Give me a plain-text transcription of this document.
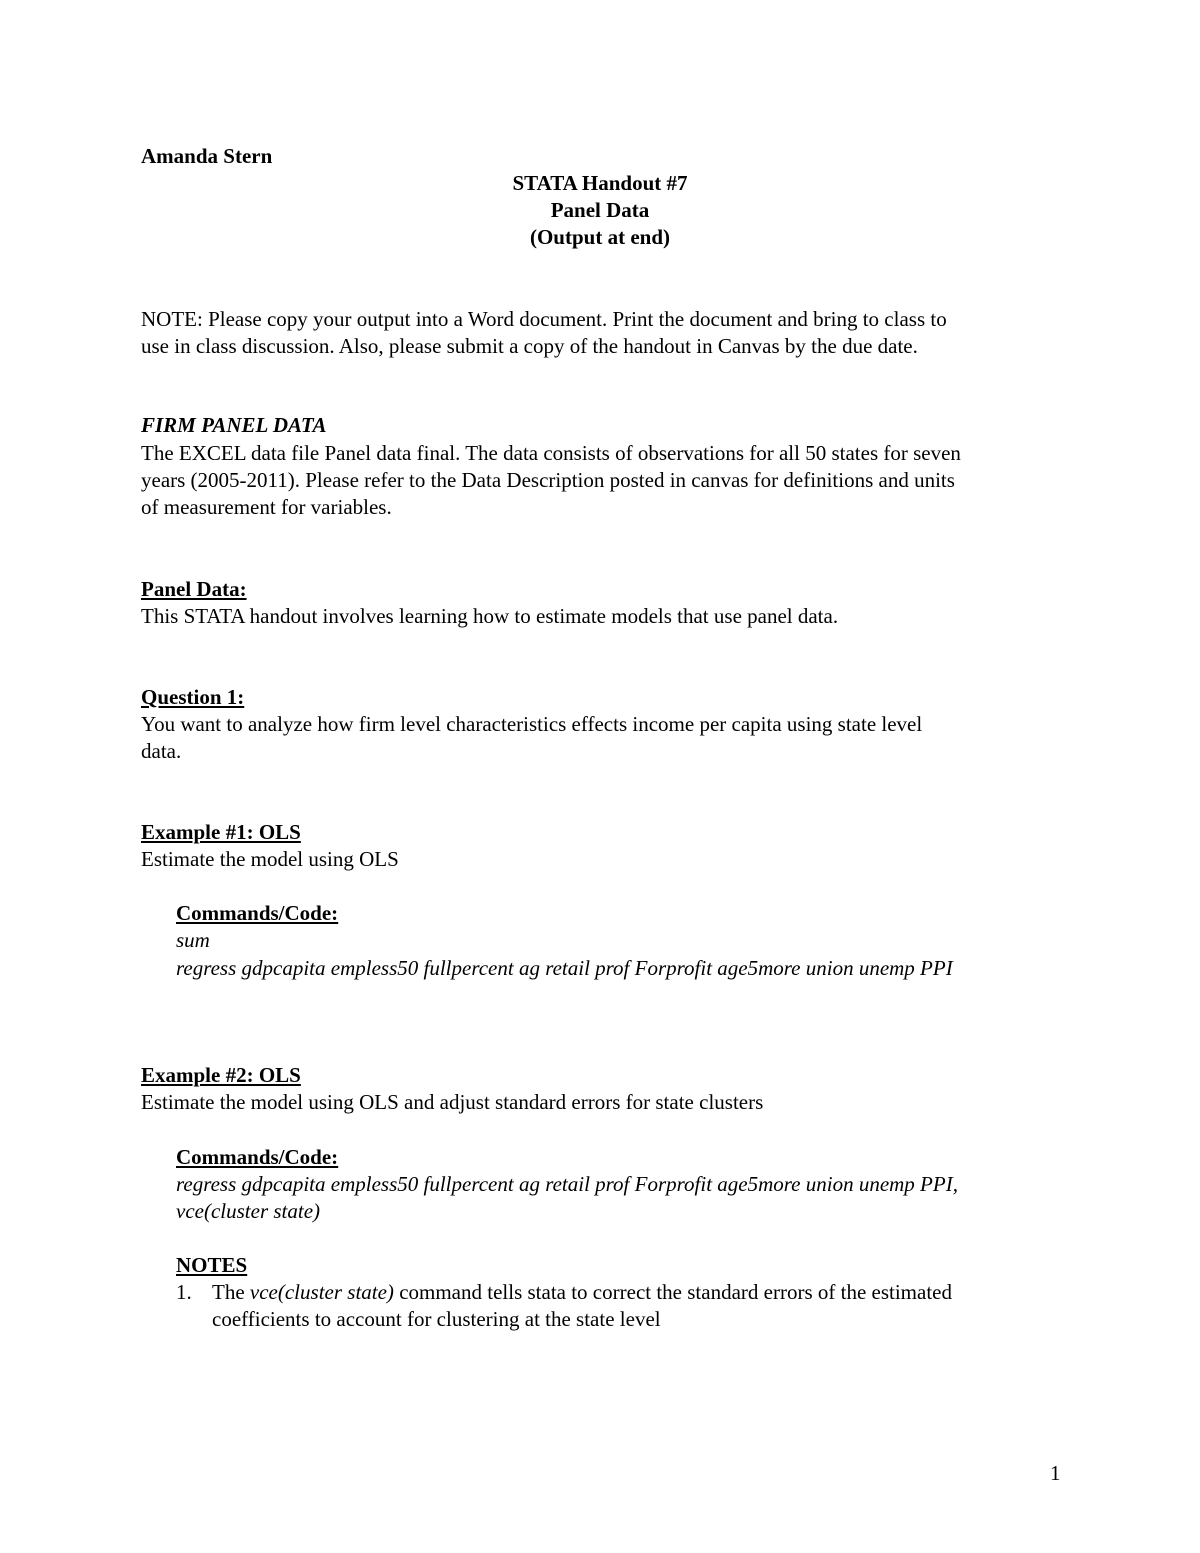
Amanda Stern
STATA Handout #7
Panel Data
(Output at end)
NOTE: Please copy your output into a Word document. Print the document and bring to class to
use in class discussion. Also, please submit a copy of the handout in Canvas by the due date.
FIRM PANEL DATA
The EXCEL data file Panel data final. The data consists of observations for all 50 states for seven
years (2005-2011). Please refer to the Data Description posted in canvas for definitions and units
of measurement for variables.
Panel Data:
This STATA handout involves learning how to estimate models that use panel data.
Question 1:
You want to analyze how firm level characteristics effects income per capita using state level
data.
Example #1: OLS
Estimate the model using OLS
Commands/Code:
sum
regress gdpcapita empless50 fullpercent ag retail prof Forprofit age5more union unemp PPI
Example #2: OLS
Estimate the model using OLS and adjust standard errors for state clusters
Commands/Code:
regress gdpcapita empless50 fullpercent ag retail prof Forprofit age5more union unemp PPI,
vce(cluster state)
NOTES
1. The vce(cluster state) command tells stata to correct the standard errors of the estimated
coefficients to account for clustering at the state level
1
